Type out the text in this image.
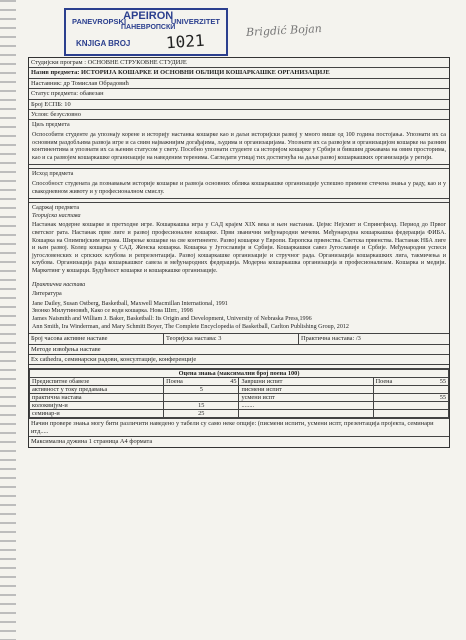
PANEVROPSKI
APEIRON
ПАНЕВРОПСКИ
UNIVERZITET
KNJIGA BROJ 1021
Brigdić Bojan
Студијски програм : ОСНОВНЕ СТРУКОВНЕ СТУДИЈЕ
Назив предмета: ИСТОРИЈА КОШАРКЕ И ОСНОВНИ ОБЛИЦИ КОШАРКАШКЕ ОРГАНИЗАЦИЈЕ
Наставник: др Томислав Обрадовић
Статус предмета: обавезан
Број ЕСПБ: 10
Услов: безусловно
Циљ предмета
Оспособити студенте да упознају корене и историју настанка кошарке као и даљи историјски развој у много више од 100 година постојања. Упознати их са основним раздобљима развоја игре и са свим најважнијим догађајима, људима и организацијама. Упознати их са развојем и организацијом кошарке на разним континентима и упознати их са њеним статусом у свету. Посебно упознати студенте са историјом кошарке у Србији и бившим државама на овим просторима, као и са развојем кошаркашке организације на наведеним теренима. Сагледати утицај тих достигнућа на даљи развој кошаркашких организација у регији.
Исход предмета
Способност студената да познавањем историје кошарке и развоја основних облика кошаркашке организације успешно примене стечена знања у раду, као и у свакодневном животу и у професионалном смислу.
Садржај предмета
Теоријска настава
Настанак модерне кошарке и претходне игре. Кошаркашка игра у САД крајем XIX века и њен настанак. Џејмс Нејсмит и Спрингфилд. Период до Првог светског рата. Настанак прве лиге и развој професионалне кошарке. Први званични међународни мечеви. Међународна кошаркашка федерација ФИБА. Кошарка на Олимпијским играма. Ширење кошарке на све континенте. Развој кошарке у Европи. Европска првенства. Светска првенства. Настанак НБА лиге и њен развој. Колеџ кошарка у САД. Женска кошарка. Кошарка у Југославији и Србији. Кошаркашки савез Југославије и Србије. Међународни успеси југословенских и српских клубова и репрезентација. Развој кошаркашке организације и стручног рада. Организација кошаркашких лига, такмичења и клубова. Организација рада кошаркашког савеза и међународних федерација. Модерна кошаркашка организација и професионализам. Кошарка и медији. Маркетинг у кошарци. Будућност кошарке и кошаркашке организације.
Практична настава
Литература
Jane Dailey, Susan Ostberg, Basketball, Maxwell Macmillan International, 1991
Звонко Милутиновић, Како се води кошарка. Нова Шпт., 1998
James Naismith and William J. Baker, Basketball: Its Origin and Development, University of Nebraska Press,1996
Ann Smith, Ira Winderman, and Mary Schmitt Boyer, The Complete Encyclopedia of Basketball, Carlton Publishing Group, 2012
Број часова активне наставе	Теоријска настава: 3	Практична настава: /3
Методе извођења наставе
Ex cathedra, семинарски радови, консултације, конференције
Оцена знања (максимални број поена 100)			
Предиспитне обавезе	Поена 45	Завршни испит	Поена 55

активност у току предавања	5	писмени испит	
практична настава		усмени испт	55
колоквијум-и	15	........	
семинар-и	25		
Начин провере знања могу бити различити наведено у табели су само неке опције: (писмени испити, усмени испт, презентација пројекта, семинари итд.....
Максимална дужина 1 страница А4 формата
